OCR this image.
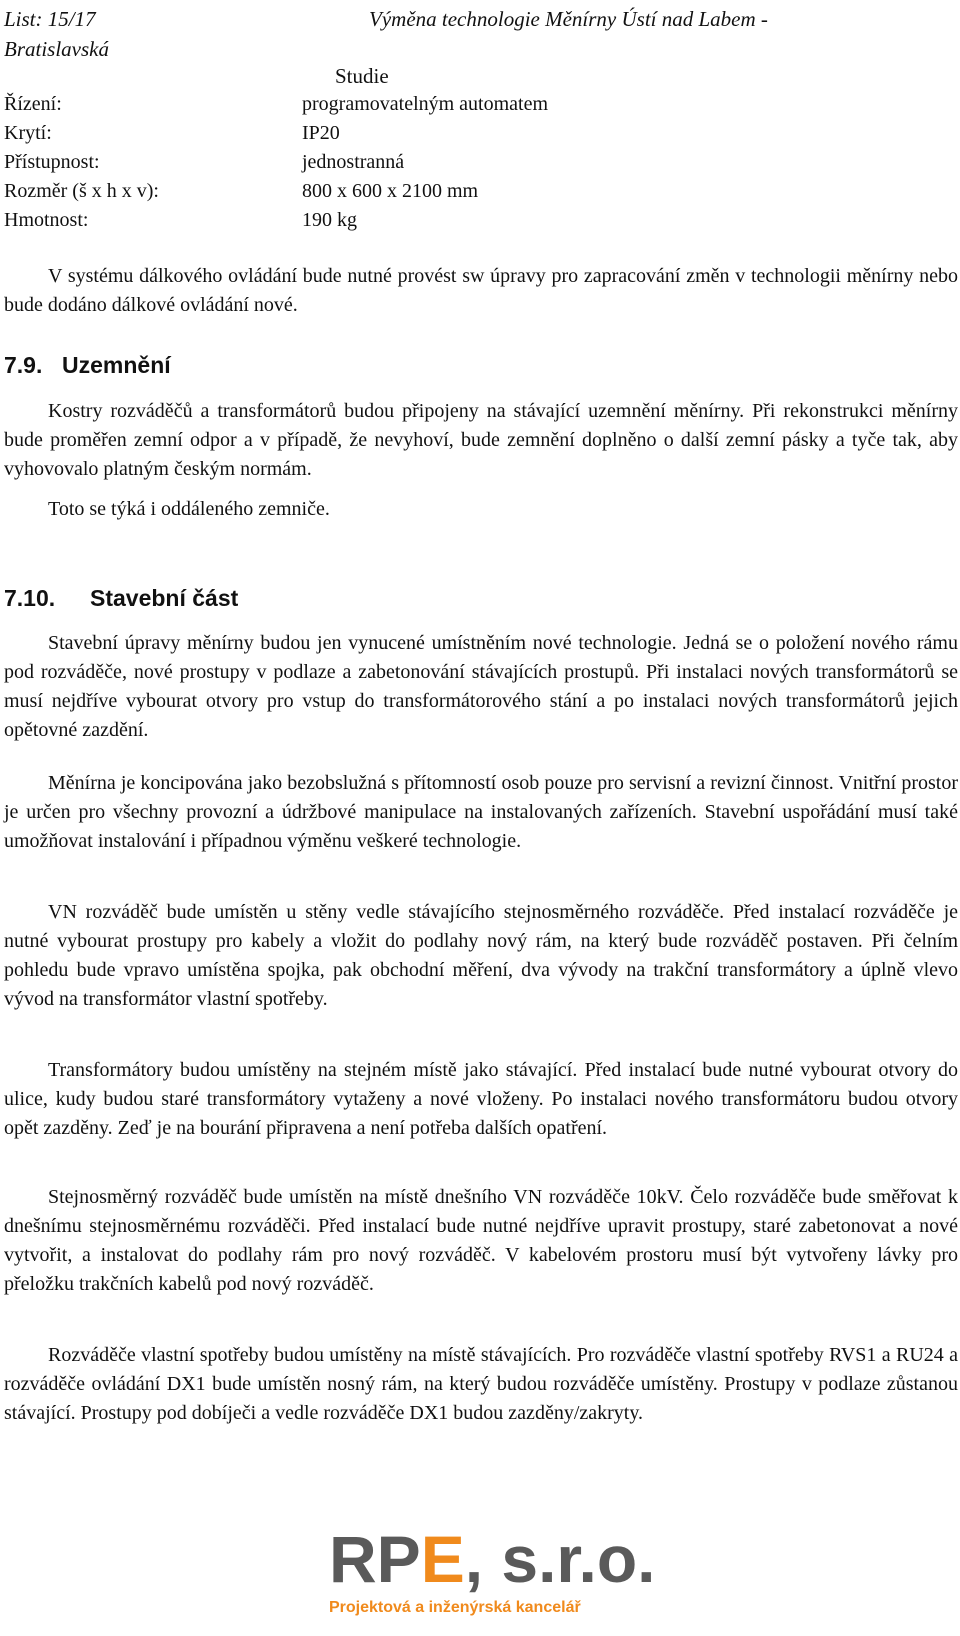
List: 15/17	Výměna technologie Měnírny Ústí nad Labem -
Bratislavská
Studie
Řízení:	programovatelným automatem
Krytí:	IP20
Přístupnost:	jednostranná
Rozměr (š x h x v):	800 x 600 x 2100 mm
Hmotnost:	190 kg
V systému dálkového ovládání bude nutné provést sw úpravy pro zapracování změn v technologii měnírny nebo bude dodáno dálkové ovládání nové.
7.9. Uzemnění
Kostry rozváděčů a transformátorů budou připojeny na stávající uzemnění měnírny. Při rekonstrukci měnírny bude proměřen zemní odpor a v případě, že nevyhoví, bude zemnění doplněno o další zemní pásky a tyče tak, aby vyhovovalo platným českým normám.
Toto se týká i oddáleného zemniče.
7.10. Stavební část
Stavební úpravy měnírny budou jen vynucené umístněním nové technologie. Jedná se o položení nového rámu pod rozváděče, nové prostupy v podlaze a zabetonování stávajících prostupů. Při instalaci nových transformátorů se musí nejdříve vybourat otvory pro vstup do transformátorového stání a po instalaci nových transformátorů jejich opětovné zazdění.
Měnírna je koncipována jako bezobslužná s přítomností osob pouze pro servisní a revizní činnost. Vnitřní prostor je určen pro všechny provozní a údržbové manipulace na instalovaných zařízeních. Stavební uspořádání musí také umožňovat instalování i případnou výměnu veškeré technologie.
VN rozváděč bude umístěn u stěny vedle stávajícího stejnosměrného rozváděče. Před instalací rozváděče je nutné vybourat prostupy pro kabely a vložit do podlahy nový rám, na který bude rozváděč postaven. Při čelním pohledu bude vpravo umístěna spojka, pak obchodní měření, dva vývody na trakční transformátory a úplně vlevo vývod na transformátor vlastní spotřeby.
Transformátory budou umístěny na stejném místě jako stávající. Před instalací bude nutné vybourat otvory do ulice, kudy budou staré transformátory vytaženy a nové vloženy. Po instalaci nového transformátoru budou otvory opět zazděny. Zeď je na bourání připravena a není potřeba dalších opatření.
Stejnosměrný rozváděč bude umístěn na místě dnešního VN rozváděče 10kV. Čelo rozváděče bude směřovat k dnešnímu stejnosměrnému rozváděči. Před instalací bude nutné nejdříve upravit prostupy, staré zabetonovat a nové vytvořit, a instalovat do podlahy rám pro nový rozváděč. V kabelovém prostoru musí být vytvořeny lávky pro přeložku trakčních kabelů pod nový rozváděč.
Rozváděče vlastní spotřeby budou umístěny na místě stávajících. Pro rozváděče vlastní spotřeby RVS1 a RU24 a rozváděče ovládání DX1 bude umístěn nosný rám, na který budou rozváděče umístěny. Prostupy v podlaze zůstanou stávající. Prostupy pod dobíječi a vedle rozváděče DX1 budou zazděny/zakryty.
RPE, s.r.o.
Projektová a inženýrská kancelář
